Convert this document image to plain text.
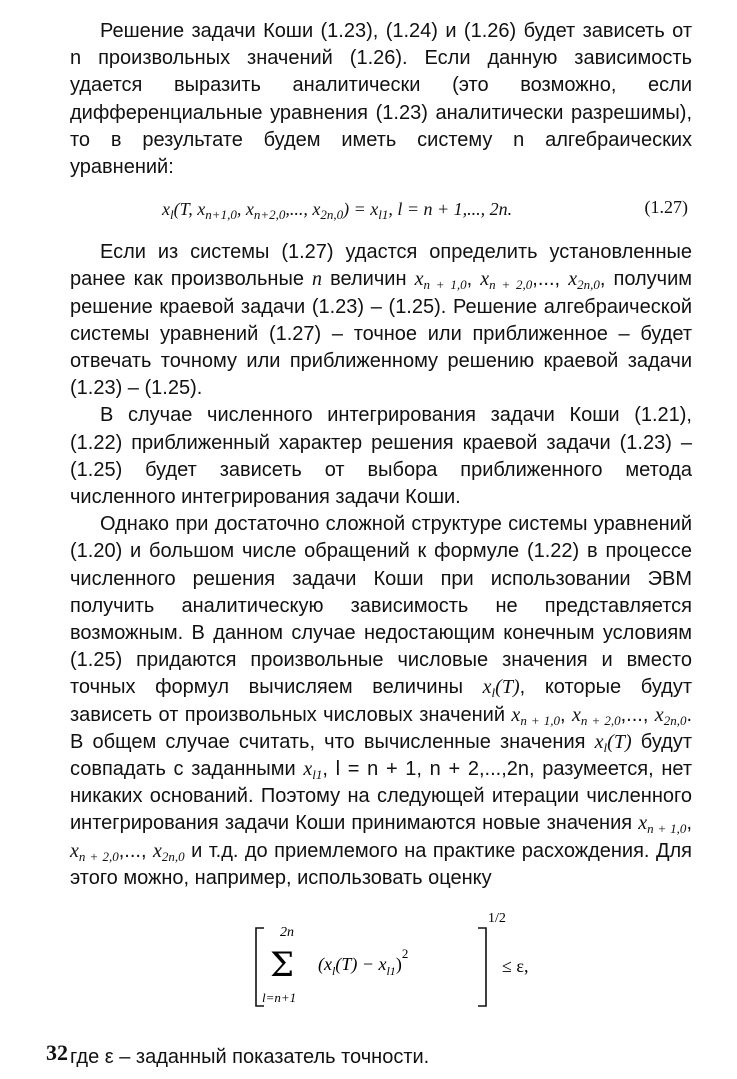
Решение задачи Коши (1.23), (1.24) и (1.26) будет зависеть от n произвольных значений (1.26). Если данную зависимость удается выразить аналитически (это возможно, если дифференциальные уравнения (1.23) аналитически разрешимы), то в результате будем иметь систему n алгебраических уравнений:

$x_l(T$, $x_{n+1,0}$, $x_{n+2,0}$,..., $x_{2n,0}) = x_{l1}$, l = n + 1,..., 2n.	(1.27)

Если из системы (1.27) удастся определить установленные ранее как произвольные n величин $x_{n + 1,0}$, $x_{n + 2,0}$,..., $x_{2n,0}$, получим решение краевой задачи (1.23) – (1.25). Решение алгебраической системы уравнений (1.27) – точное или приближенное – будет отвечать точному или приближенному решению краевой задачи (1.23) – (1.25).

В случае численного интегрирования задачи Коши (1.21), (1.22) приближенный характер решения краевой задачи (1.23) – (1.25) будет зависеть от выбора приближенного метода численного интегрирования задачи Коши.

Однако при достаточно сложной структуре системы уравнений (1.20) и большом числе обращений к формуле (1.22) в процессе численного решения задачи Коши при использовании ЭВМ получить аналитическую зависимость не представляется возможным. В данном случае недостающим конечным условиям (1.25) придаются произвольные числовые значения и вместо точных формул вычисляем величины $x_l(T)$, которые будут зависеть от произвольных числовых значений $x_{n + 1,0}$, $x_{n + 2,0}$,..., $x_{2n,0}$. В общем случае считать, что вычисленные значения $x_l(T)$ будут совпадать с заданными $x_{l1}$, l = n + 1, n + 2,...,2n, разумеется, нет никаких оснований. Поэтому на следующей итерации численного интегрирования задачи Коши принимаются новые значения $x_{n + 1,0}$, $x_{n + 2,0}$,..., $x_{2n,0}$ и т.д. до приемлемого на практике расхождения. Для этого можно, например, использовать оценку

2n
Σ
l=n+1
$(x_l(T) - x_{l1})^2$
1/2
≤ ε,

где ε – заданный показатель точности.

32
